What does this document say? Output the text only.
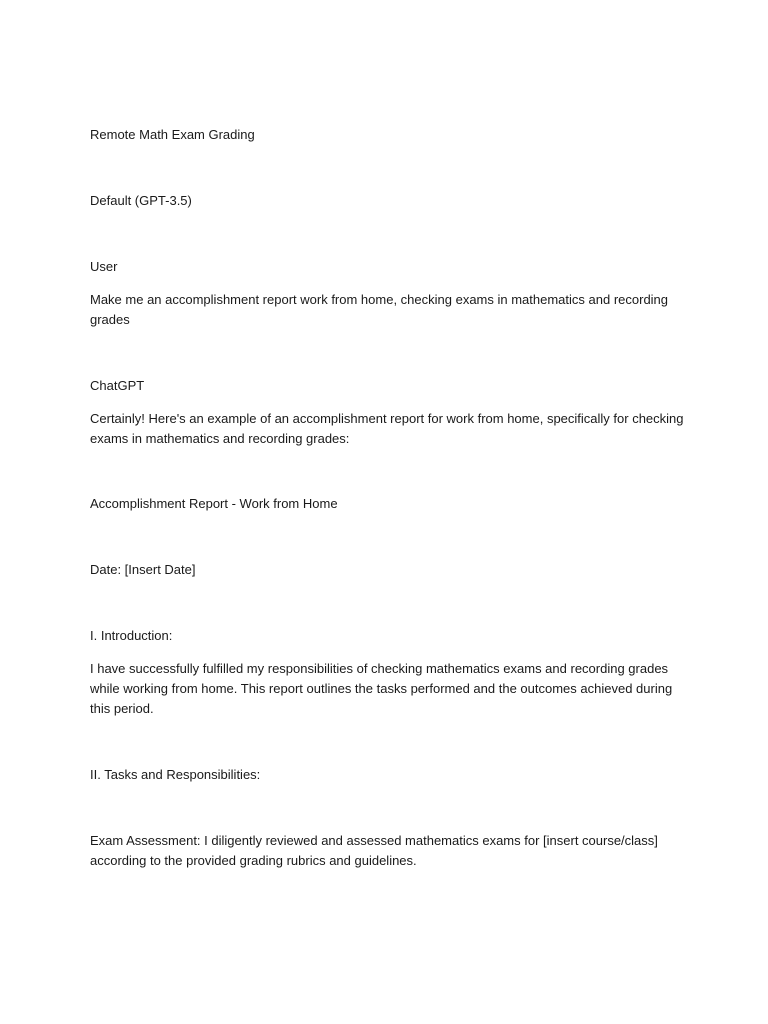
Remote Math Exam Grading

Default (GPT-3.5)

User

Make me an accomplishment report work from home, checking exams in mathematics and recording grades

ChatGPT

Certainly! Here's an example of an accomplishment report for work from home, specifically for checking exams in mathematics and recording grades:

Accomplishment Report - Work from Home

Date: [Insert Date]

I. Introduction:

I have successfully fulfilled my responsibilities of checking mathematics exams and recording grades while working from home. This report outlines the tasks performed and the outcomes achieved during this period.

II. Tasks and Responsibilities:

Exam Assessment: I diligently reviewed and assessed mathematics exams for [insert course/class] according to the provided grading rubrics and guidelines.
